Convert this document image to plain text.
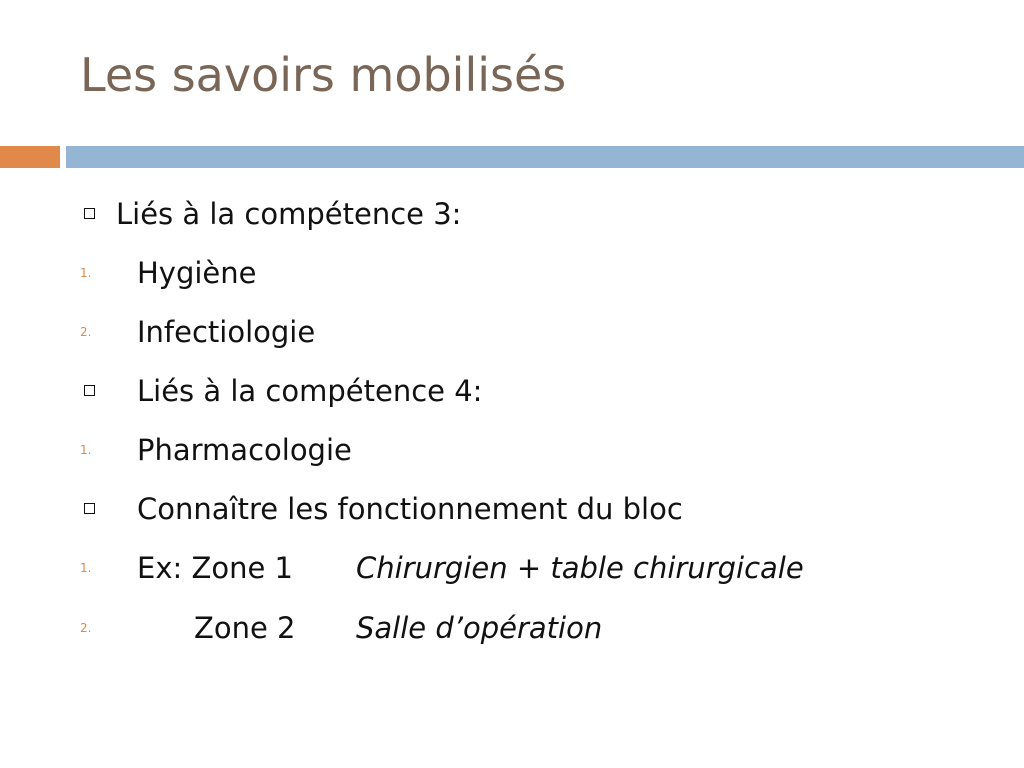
Les savoirs mobilisés
Liés à la compétence 3:
1. Hygiène
2. Infectiologie
Liés à la compétence 4:
1. Pharmacologie
Connaître les fonctionnement du bloc
1. Ex: Zone 1 Chirurgien + table chirurgicale
2.	Zone 2 Salle d’opération
